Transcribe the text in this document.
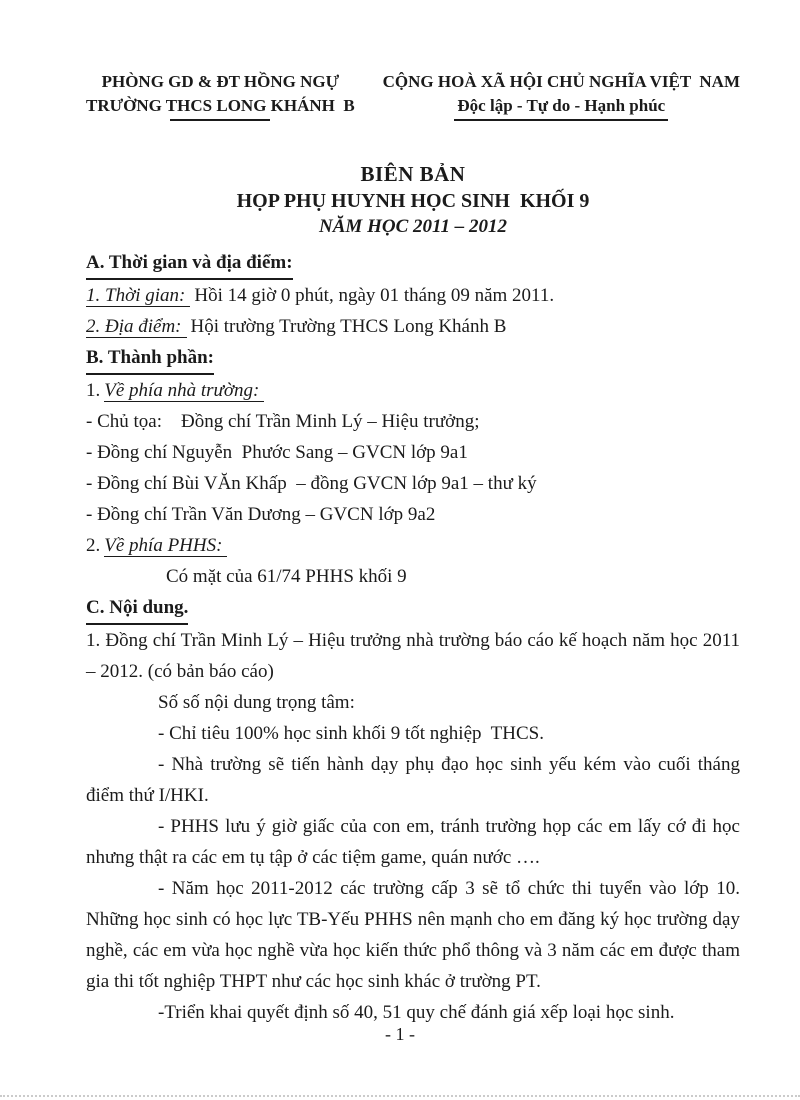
PHÒNG GD & ĐT HỒNG NGỰ
TRƯỜNG THCS LONG KHÁNH  B
CỘNG HOÀ XÃ HỘI CHỦ NGHĨA VIỆT  NAM
Độc lập - Tự do - Hạnh phúc
BIÊN BẢN
HỌP PHỤ HUYNH HỌC SINH  KHỐI 9
NĂM HỌC 2011 – 2012

A. Thời gian và địa điểm:

1. Thời gian: Hồi 14 giờ 0 phút, ngày 01 tháng 09 năm 2011.

2. Địa điểm: Hội trường Trường THCS Long Khánh B

B. Thành phần:

1. Về phía nhà trường:

- Chủ tọa:    Đồng chí Trần Minh Lý – Hiệu trưởng;

- Đồng chí Nguyễn  Phước Sang – GVCN lớp 9a1

- Đồng chí Bùi VĂn Khấp  – đồng GVCN lớp 9a1 – thư ký

- Đồng chí Trần Văn Dương – GVCN lớp 9a2

2. Về phía PHHS:

Có mặt của 61/74 PHHS khối 9

C. Nội dung.

1. Đồng chí Trần Minh Lý – Hiệu trưởng nhà trường báo cáo kế hoạch năm học 2011 – 2012. (có bản báo cáo)

Số số nội dung trọng tâm:

- Chỉ tiêu 100% học sinh khối 9 tốt nghiệp  THCS.

- Nhà trường sẽ tiến hành dạy phụ đạo học sinh yếu kém vào cuối tháng điểm thứ I/HKI.

- PHHS lưu ý giờ giấc của con em, tránh trường họp các em lấy cớ đi học nhưng thật ra các em tụ tập ở các tiệm game, quán nước ….

- Năm học 2011-2012 các trường cấp 3 sẽ tổ chức thi tuyển vào lớp 10. Những học sinh có học lực TB-Yếu PHHS nên mạnh cho em đăng ký học trường dạy nghề, các em vừa học nghề vừa học kiến thức phổ thông và 3 năm các em được tham gia thi tốt nghiệp THPT như các học sinh khác ở trường PT.

-Triển khai quyết định số 40, 51 quy chế đánh giá xếp loại học sinh.

- 1 -
